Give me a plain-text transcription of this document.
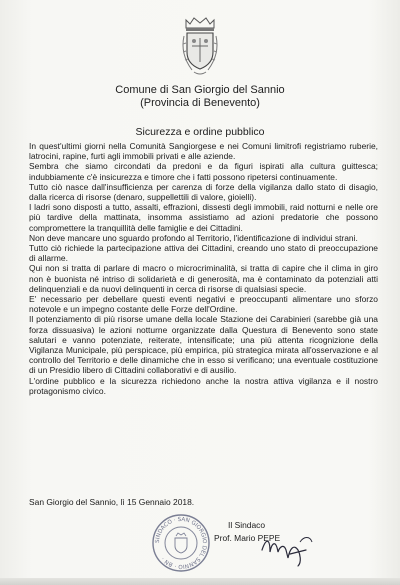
Comune di San Giorgio del Sannio
(Provincia di Benevento)
Sicurezza e ordine pubblico

In quest'ultimi giorni nella Comunità Sangiorgese e nei Comuni limitrofi registriamo ruberie, latrocini, rapine, furti agli immobili privati e alle aziende.

Sembra che siamo circondati da predoni e da figuri ispirati alla cultura guittesca; indubbiamente c'è insicurezza e timore che i fatti possono ripetersi continuamente.

Tutto ciò nasce dall'insufficienza per carenza di forze della vigilanza dallo stato di disagio, dalla ricerca di risorse (denaro, suppellettili di valore, gioielli).

I ladri sono disposti a tutto, assalti, effrazioni, dissesti degli immobili, raid notturni e nelle ore più tardive della mattinata, insomma assistiamo ad azioni predatorie che possono compromettere la tranquillità delle famiglie e dei Cittadini.

Non deve mancare uno sguardo profondo al Territorio, l'identificazione di individui strani.

Tutto ciò richiede la partecipazione attiva dei Cittadini, creando uno stato di preoccupazione di allarme.

Qui non si tratta di parlare di macro o microcriminalità, si tratta di capire che il clima in giro non è buonista né intriso di solidarietà e di generosità, ma è contaminato da potenziali atti delinquenziali e da nuovi delinquenti in cerca di risorse di qualsiasi specie.

E' necessario per debellare questi eventi negativi e preoccupanti alimentare uno sforzo notevole e un impegno costante delle Forze dell'Ordine.

Il potenziamento di più risorse umane della locale Stazione dei Carabinieri (sarebbe già una forza dissuasiva) le azioni notturne organizzate dalla Questura di Benevento sono state salutari e vanno potenziate, reiterate, intensificate; una più attenta ricognizione della Vigilanza Municipale, più perspicace, più empirica, più strategica mirata all'osservazione e al controllo del Territorio e delle dinamiche che in esso si verificano; una eventuale costituzione di un Presidio libero di Cittadini collaborativi e di ausilio.

L'ordine pubblico e la sicurezza richiedono anche la nostra attiva vigilanza e il nostro protagonismo civico.

San Giorgio del Sannio, lì 15 Gennaio 2018.
SINDACO · SAN GIORGIO DEL SANNIO · BN ·
Il Sindaco
Prof. Mario PEPE
